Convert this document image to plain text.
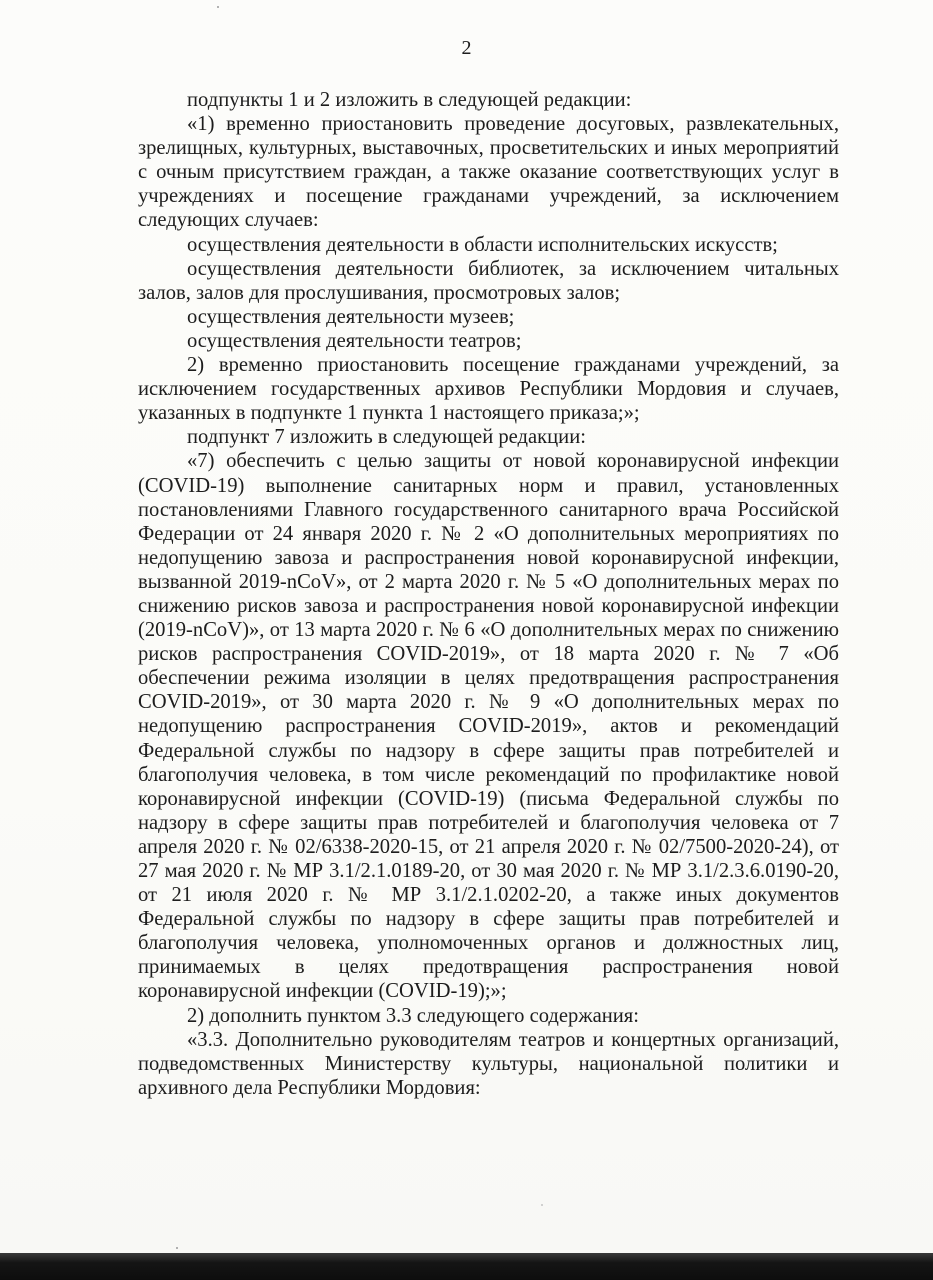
2

подпункты 1 и 2 изложить в следующей редакции:

«1) временно приостановить проведение досуговых, развлекательных, зрелищных, культурных, выставочных, просветительских и иных мероприятий с очным присутствием граждан, а также оказание соответствующих услуг в учреждениях и посещение гражданами учреждений, за исключением следующих случаев:

осуществления деятельности в области исполнительских искусств;

осуществления деятельности библиотек, за исключением читальных залов, залов для прослушивания, просмотровых залов;

осуществления деятельности музеев;

осуществления деятельности театров;

2) временно приостановить посещение гражданами учреждений, за исключением государственных архивов Республики Мордовия и случаев, указанных в подпункте 1 пункта 1 настоящего приказа;»;

подпункт 7 изложить в следующей редакции:

«7) обеспечить с целью защиты от новой коронавирусной инфекции (COVID-19) выполнение санитарных норм и правил, установленных постановлениями Главного государственного санитарного врача Российской Федерации от 24 января 2020 г. № 2 «О дополнительных мероприятиях по недопущению завоза и распространения новой коронавирусной инфекции, вызванной 2019-nCoV», от 2 марта 2020 г. № 5 «О дополнительных мерах по снижению рисков завоза и распространения новой коронавирусной инфекции (2019-nCoV)», от 13 марта 2020 г. № 6 «О дополнительных мерах по снижению рисков распространения COVID-2019», от 18 марта 2020 г. № 7 «Об обеспечении режима изоляции в целях предотвращения распространения COVID-2019», от 30 марта 2020 г. № 9 «О дополнительных мерах по недопущению распространения COVID-2019», актов и рекомендаций Федеральной службы по надзору в сфере защиты прав потребителей и благополучия человека, в том числе рекомендаций по профилактике новой коронавирусной инфекции (COVID-19) (письма Федеральной службы по надзору в сфере защиты прав потребителей и благополучия человека от 7 апреля 2020 г. № 02/6338-2020-15, от 21 апреля 2020 г. № 02/7500-2020-24), от 27 мая 2020 г. № МР 3.1/2.1.0189-20, от 30 мая 2020 г. № МР 3.1/2.3.6.0190-20, от 21 июля 2020 г. № МР 3.1/2.1.0202-20, а также иных документов Федеральной службы по надзору в сфере защиты прав потребителей и благополучия человека, уполномоченных органов и должностных лиц, принимаемых в целях предотвращения распространения новой коронавирусной инфекции (COVID-19);»;

2) дополнить пунктом 3.3 следующего содержания:

«3.3. Дополнительно руководителям театров и концертных организаций, подведомственных Министерству культуры, национальной политики и архивного дела Республики Мордовия:
